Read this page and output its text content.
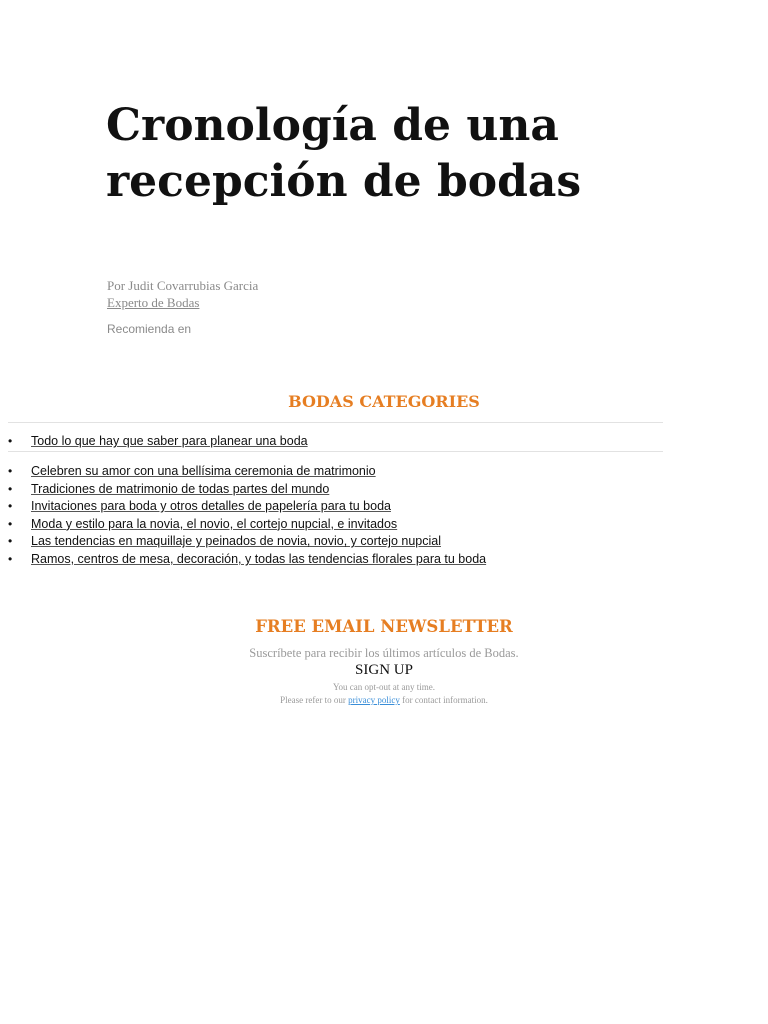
Cronología de una recepción de bodas
Por Judit Covarrubias Garcia
Experto de Bodas
Recomienda en
BODAS CATEGORIES
• Todo lo que hay que saber para planear una boda
• Celebren su amor con una bellísima ceremonia de matrimonio
• Tradiciones de matrimonio de todas partes del mundo
• Invitaciones para boda y otros detalles de papelería para tu boda
• Moda y estilo para la novia, el novio, el cortejo nupcial, e invitados
• Las tendencias en maquillaje y peinados de novia, novio, y cortejo nupcial
• Ramos, centros de mesa, decoración, y todas las tendencias florales para tu boda
FREE EMAIL NEWSLETTER
Suscríbete para recibir los últimos artículos de Bodas.
SIGN UP
You can opt-out at any time.
Please refer to our privacy policy for contact information.
